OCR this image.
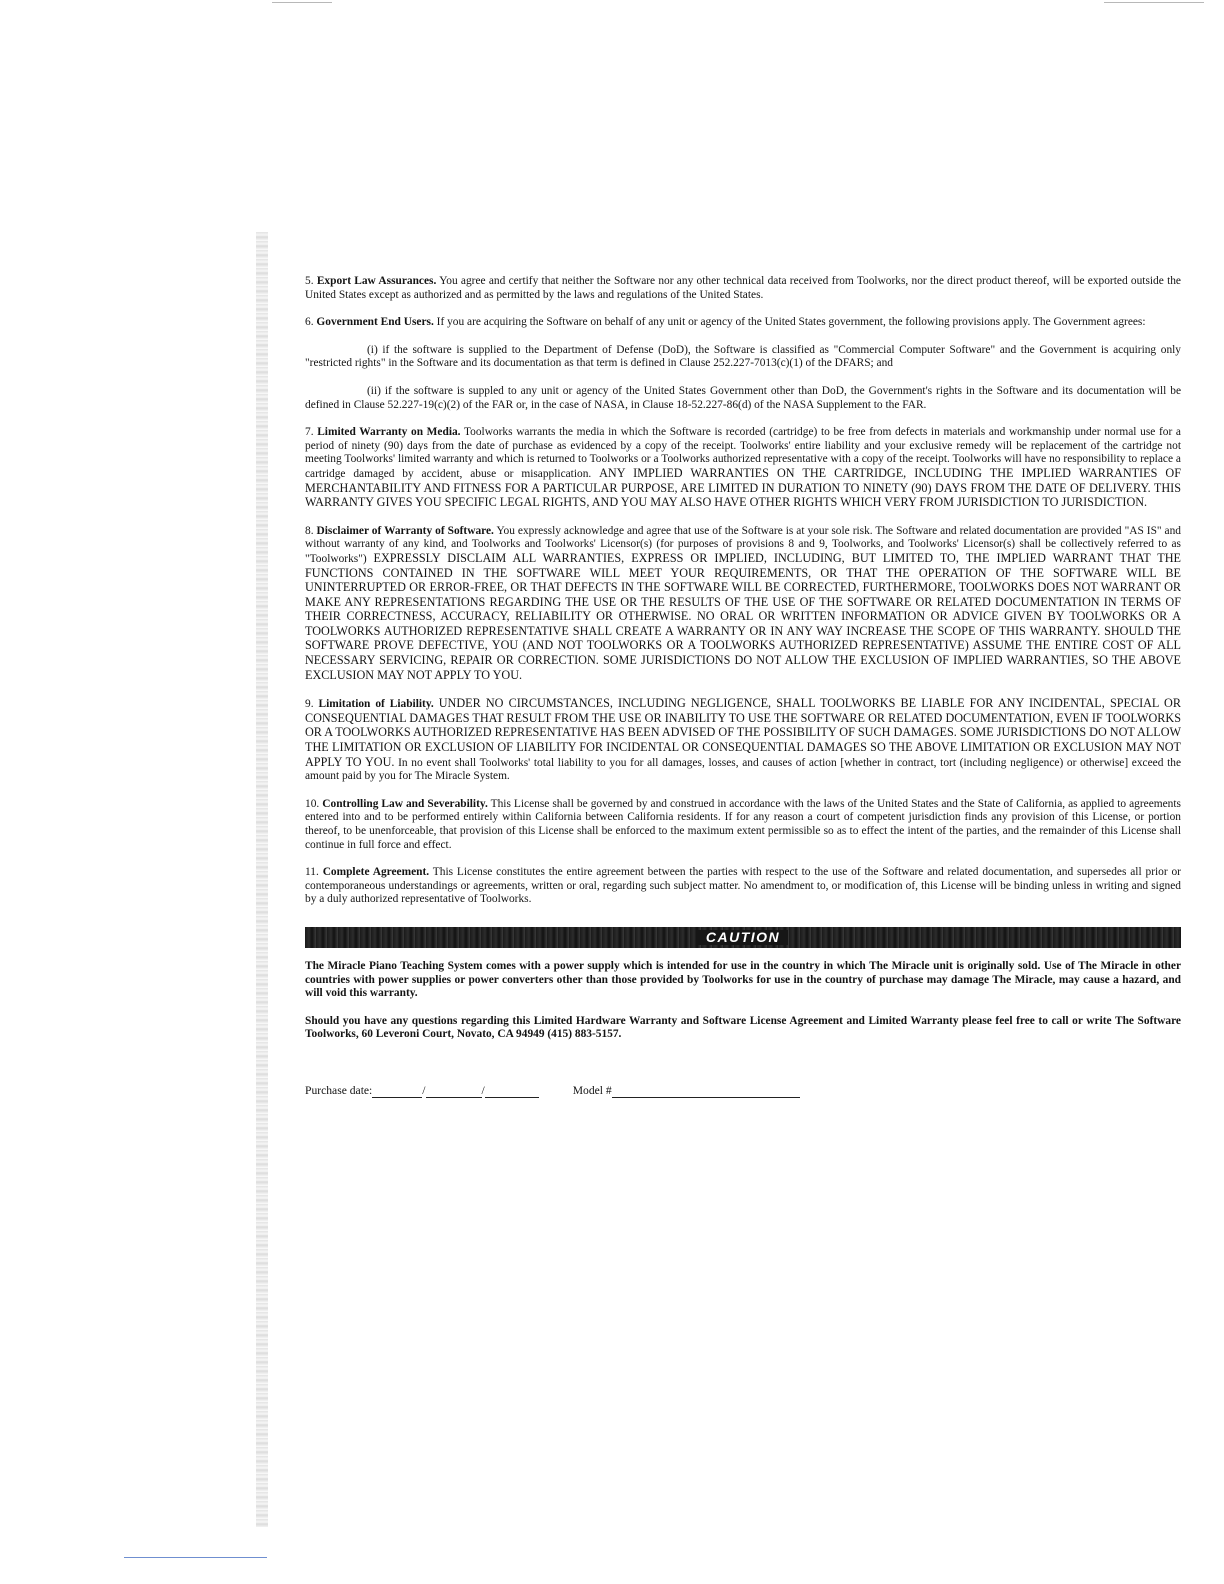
5. Export Law Assurances. You agree and certify that neither the Software nor any other technical data received from Toolworks, nor the direct product thereof, will be exported outside the United States except as authorized and as permitted by the laws and regulations of the United States.

6. Government End Users. If you are acquiring the Software on behalf of any unit or agency of the United States government, the following provisions apply. The Government agrees:

(i) if the software is supplied to the Department of Defense (DoD), the Software is classified as "Commercial Computer Software" and the Government is acquiring only "restricted rights" in the Software and its documentation as that term is defined in Clause 252.227-7013(c)(1) of the DFARS; and

(ii) if the software is suppled to any unit or agency of the United States Government other than DoD, the Government's rights in the Software and its documentation will be defined in Clause 52.227-19(c)(2) of the FAR or, in the case of NASA, in Clause 18-52.227-86(d) of the NASA Supplement to the FAR.

7. Limited Warranty on Media. Toolworks warrants the media in which the Software is recorded (cartridge) to be free from defects in materials and workmanship under normal use for a period of ninety (90) days from the date of purchase as evidenced by a copy of the receipt. Toolworks' entire liability and your exclusive remedy will be replacement of the cartridge not meeting Toolworks' limited warranty and which is returned to Toolworks or a Toolworks authorized representative with a copy of the receipt. Toolworks will have no responsibility to replace a cartridge damaged by accident, abuse or misapplication. ANY IMPLIED WARRANTIES ON THE CARTRIDGE, INCLUDING THE IMPLIED WARRANTIES OF MERCHANTABILITY AND FITNESS FOR A PARTICULAR PURPOSE, ARE LIMITED IN DURATION TO NINETY (90) DAYS FROM THE DATE OF DELIVERY. THIS WARRANTY GIVES YOU SPECIFIC LEGAL RIGHTS, AND YOU MAY ALSO HAVE OTHER RIGHTS WHICH VERY FROM JURISDICTION TO JURISDICTION.

8. Disclaimer of Warranty of Software. You expressly acknowledge and agree that use of the Software is at your sole risk. The Software and related documentation are provided "AS IS" and without warranty of any kind, and Toolworks and Toolworks' Licensor(s) (for purposes of provisions 8 and 9, Toolworks, and Toolworks' Licensor(s) shall be collectively referred to as "Toolworks") EXPRESSLY DISCLAIM ALL WARRANTIES, EXPRESS OR IMPLIED, INCLUDING, BUT LIMITED TO, THE IMPLIED WARRANT THAT THE FUNCTIONS CONTAINED IN THE SOFTWARE WILL MEET YOUR REQUIREMENTS, OR THAT THE OPERATION OF THE SOFTWARE WILL BE UNINTERRUPTED OR ERROR-FREE, OR THAT DEFECTS IN THE SOFTWARE WILL BE CORRECTED, FURTHERMORE, TOOLWORKS DOES NOT WARRANT OR MAKE ANY REPRESENTATIONS REGARDING THE USE OR THE RESULTS OF THE USE OF THE SOFTWARE OR RELATED DOCUMENTATION IN TERMS OF THEIR CORRECTNESS, ACCURACY, RELIABILITY OR OTHERWISE. NO ORAL OR WRITTEN INFORMATION OR ADVICE GIVEN BY TOOLWORKS OR A TOOLWORKS AUTHORIZED REPRESENTATIVE SHALL CREATE A WARRANTY OR IN ANY WAY INCREASE THE SCOPE OF THIS WARRANTY. SHOULD THE SOFTWARE PROVE DEFECTIVE, YOU (AND NOT TOOLWORKS OR A TOOLWORKS AUTHORIZED REPRESENTATIVE) ASSUME THE ENTIRE COST OF ALL NECESSARY SERVICING, REPAIR OR CORRECTION. SOME JURISDICTIONS DO NOT ALLOW THE EXCLUSION OF IMPLIED WARRANTIES, SO THE ABOVE EXCLUSION MAY NOT APPLY TO YOU.

9. Limitation of Liability. UNDER NO CIRCUMSTANCES, INCLUDING NEGLIGENCE, SHALL TOOLWORKS BE LIABLE FOR ANY INCIDENTAL, SPECIAL OR CONSEQUENTIAL DAMAGES THAT RESULT FROM THE USE OR INABILITY TO USE THE SOFTWARE OR RELATED DOCUMENTATION, EVEN IF TOOLWORKS OR A TOOLWORKS AUTHORIZED REPRESENTATIVE HAS BEEN ADVISED OF THE POSSIBILITY OF SUCH DAMAGES. SOME JURISDICTIONS DO NOT ALLOW THE LIMITATION OR EXCLUSION OF LIABILITY FOR INCIDENTAL OR CONSEQUENTIAL DAMAGES SO THE ABOVE LIMITATION OR EXCLUSION MAY NOT APPLY TO YOU. In no event shall Toolworks' total liability to you for all damages, losses, and causes of action [whether in contract, tort (including negligence) or otherwise] exceed the amount paid by you for The Miracle System.

10. Controlling Law and Severability. This License shall be governed by and construed in accordance with the laws of the United States and the State of California, as applied to agreements entered into and to be performed entirely within California between California residents. If for any reason a court of competent jurisdiction finds any provision of this License, or portion thereof, to be unenforceable, that provision of this License shall be enforced to the maximum extent permissible so as to effect the intent of the parties, and the remainder of this License shall continue in full force and effect.

11. Complete Agreement. This License constitutes the entire agreement between the parties with respect to the use of the Software and related documentation, and supersedes all prior or contemporaneous understandings or agreements, written or oral, regarding such subject matter. No amendment to, or modification of, this License will be binding unless in writing and signed by a duly authorized representative of Toolworks.

CAUTION

The Miracle Piano Teaching System comes with a power supply which is intended for use in the country in which The Miracle unit is originally sold. Use of The Miracle in other countries with power supplies or power converters other than those provided by Toolworks for use in the country of purchase may damage The Miracle, may cause a hazard, and will void this warranty.

Should you have any questions regarding this Limited Hardware Warranty and Software License Agreement and Limited Warranty please feel free to call or write The Software Toolworks, 60 Leveroni Court, Novato, CA 94949 (415) 883-5157.

Purchase date:	/	/	Model #
